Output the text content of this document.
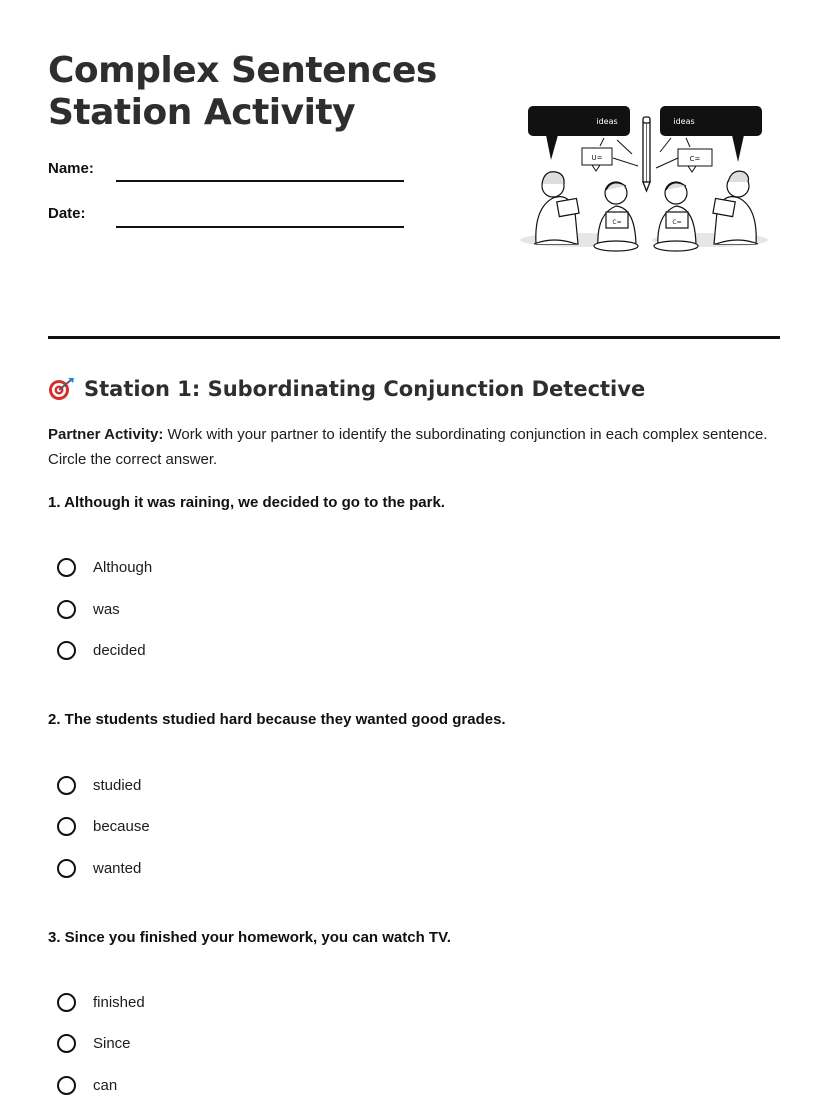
Complex Sentences
Station Activity
Name:
Date:
ideas	ideas
U=	C=
C=	C=
Station 1: Subordinating Conjunction Detective

Partner Activity: Work with your partner to identify the subordinating conjunction in each complex sentence. Circle the correct answer.

1. Although it was raining, we decided to go to the park.

Although
was
decided

2. The students studied hard because they wanted good grades.

studied
because
wanted

3. Since you finished your homework, you can watch TV.

finished
Since
can
